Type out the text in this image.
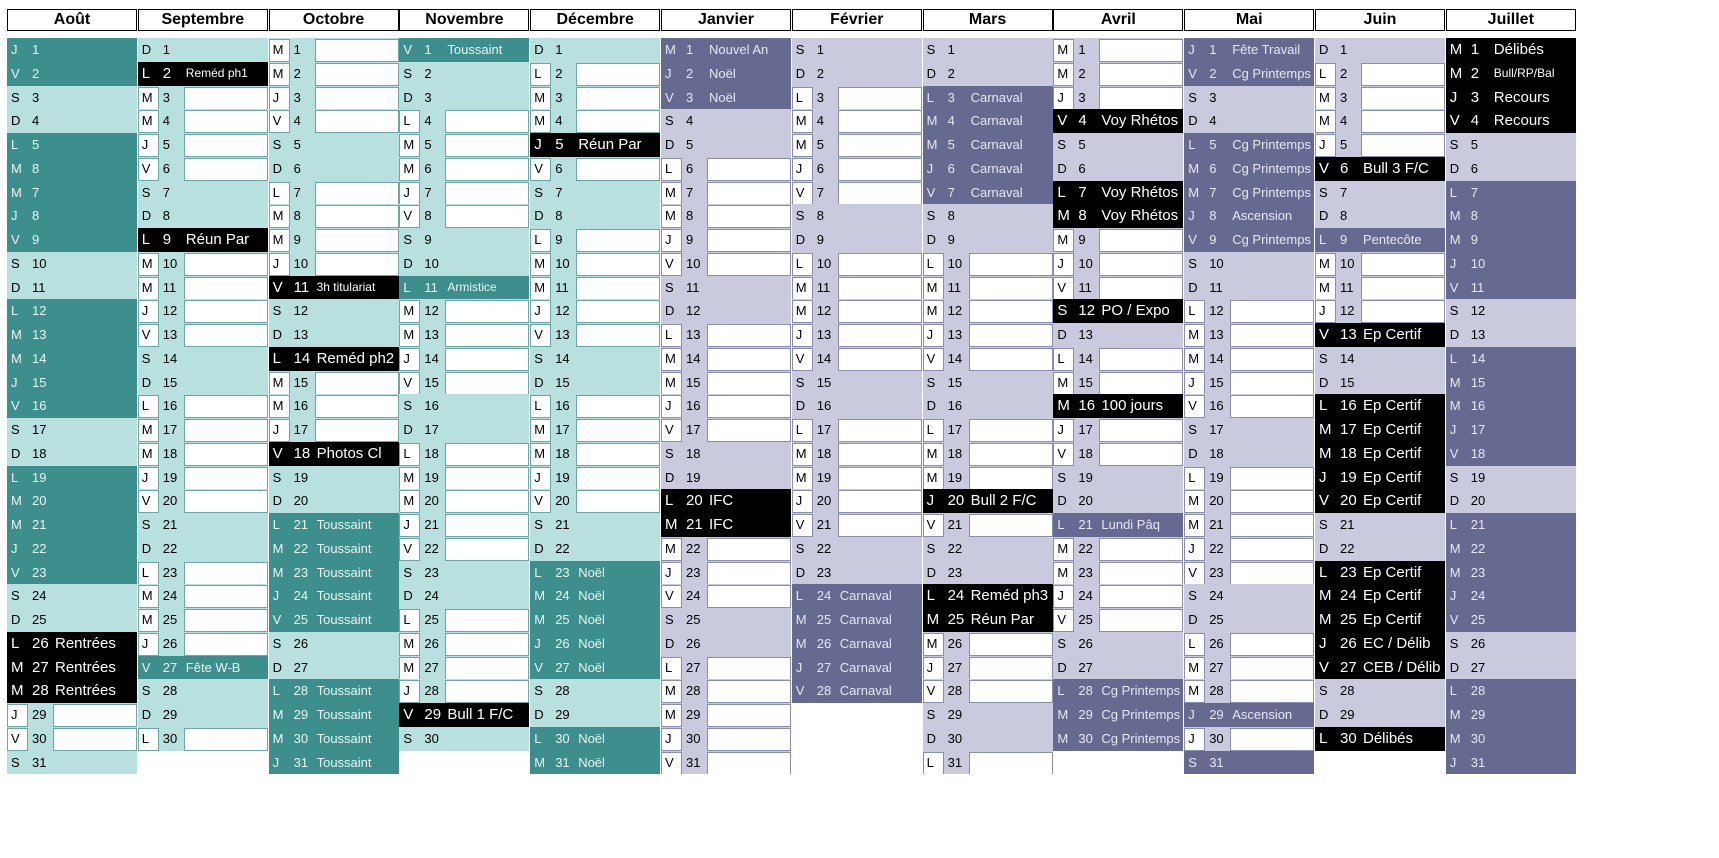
Août
J	1
V 2
S 3
D 4
L	5
M 8
M 7
J	8
V 9
S 10
D 11
L	12
M 13
M 14
J	15
V 16
S 17
D 18
L	19
M 20
M 21
J	22
V 23
S 24
D 25
L 26 Rentrées
M 27 Rentrées
M 28 Rentrées
J	29
V 30
S 31
Septembre
D 1
L 2 Reméd ph1
M 3
M 4
J	5
V 6
S 7
D 8
L 9 Réun Par
M 10
M 11
J	12
V 13
S 14
D 15
L	16
M 17
M 18
J	19
V 20
S 21
D 22
L	23
M 24
M 25
J	26
V 27 Fête W-B
S 28
D 29
L	30
Octobre
M 1
M 2
J	3
V 4
S 5
D 6
L	7
M 8
M 9
J	10
V 11 3h titulariat
S 12
D 13
L 14 Reméd ph2
M 15
M 16
J	17
V 18 Photos Cl
S 19
D 20
L	21 Toussaint
M 22 Toussaint
M 23 Toussaint
J	24 Toussaint
V 25 Toussaint
S 26
D 27
L	28 Toussaint
M 29 Toussaint
M 30 Toussaint
J	31 Toussaint
Novembre
V 1 Toussaint
S 2
D 3
L	4
M 5
M 6
J	7
V 8
S 9
D 10
L	11 Armistice
M 12
M 13
J	14
V 15
S 16
D 17
L	18
M 19
M 20
J	21
V 22
S 23
D 24
L	25
M 26
M 27
J	28
V 29 Bull 1 F/C
S 30
Décembre
D 1
L	2
M 3
M 4
J 5 Réun Par
V 6
S 7
D 8
L	9
M 10
M 11
J	12
V 13
S 14
D 15
L	16
M 17
M 18
J	19
V 20
S 21
D 22
L	23 Noël
M 24 Noël
M 25 Noël
J	26 Noël
V 27 Noël
S 28
D 29
L	30 Noël
M 31 Noël
Janvier
M 1 Nouvel An
J	2 Noël
V 3 Noël
S 4
D 5
L	6
M 7
M 8
J	9
V 10
S 11
D 12
L	13
M 14
M 15
J	16
V 17
S 18
D 19
L 20 IFC
M 21 IFC
M 22
J	23
V 24
S 25
D 26
L	27
M 28
M 29
J	30
V 31
Février
S 1
D 2
L	3
M 4
M 5
J	6
V 7
S 8
D 9
L	10
M 11
M 12
J	13
V 14
S 15
D 16
L	17
M 18
M 19
J	20
V 21
S 22
D 23
L	24 Carnaval
M 25 Carnaval
M 26 Carnaval
J	27 Carnaval
V 28 Carnaval
Mars
S 1
D 2
L	3 Carnaval
M 4 Carnaval
M 5 Carnaval
J	6 Carnaval
V 7 Carnaval
S 8
D 9
L	10
M 11
M 12
J	13
V 14
S 15
D 16
L	17
M 18
M 19
J 20 Bull 2 F/C
V 21
S 22
D 23
L 24 Reméd ph3
M 25 Réun Par
M 26
J	27
V 28
S 29
D 30
L	31
Avril
M 1
M 2
J	3
V 4 Voy Rhétos
S 5
D 6
L 7 Voy Rhétos
M 8 Voy Rhétos
M 9
J	10
V 11
S 12 PO / Expo
D 13
L	14
M 15
M 16 100 jours
J	17
V 18
S 19
D 20
L	21 Lundi Pâq
M 22
M 23
J	24
V 25
S 26
D 27
L	28 Cg Printemps
M 29 Cg Printemps
M 30 Cg Printemps
Mai
J	1 Fête Travail
V 2 Cg Printemps
S 3
D 4
L	5 Cg Printemps
M 6 Cg Printemps
M 7 Cg Printemps
J	8 Ascension
V 9 Cg Printemps
S 10
D 11
L	12
M 13
M 14
J	15
V 16
S 17
D 18
L	19
M 20
M 21
J	22
V 23
S 24
D 25
L	26
M 27
M 28
J	29 Ascension
J	30
S 31
Juin
D 1
L	2
M 3
M 4
J	5
V 6 Bull 3 F/C
S 7
D 8
L	9 Pentecôte
M 10
M 11
J	12
V 13 Ep Certif
S 14
D 15
L 16 Ep Certif
M 17 Ep Certif
M 18 Ep Certif
J 19 Ep Certif
V 20 Ep Certif
S 21
D 22
L 23 Ep Certif
M 24 Ep Certif
M 25 Ep Certif
J 26 EC / Délib
V 27 CEB / Délib
S 28
D 29
L 30 Délibés
Juillet
M 1 Délibés
M 2 Bull/RP/Bal
J 3 Recours
V 4 Recours
S 5
D 6
L	7
M 8
M 9
J	10
V 11
S 12
D 13
L	14
M 15
M 16
J	17
V 18
S 19
D 20
L	21
M 22
M 23
J	24
V 25
S 26
D 27
L	28
M 29
M 30
J	31
